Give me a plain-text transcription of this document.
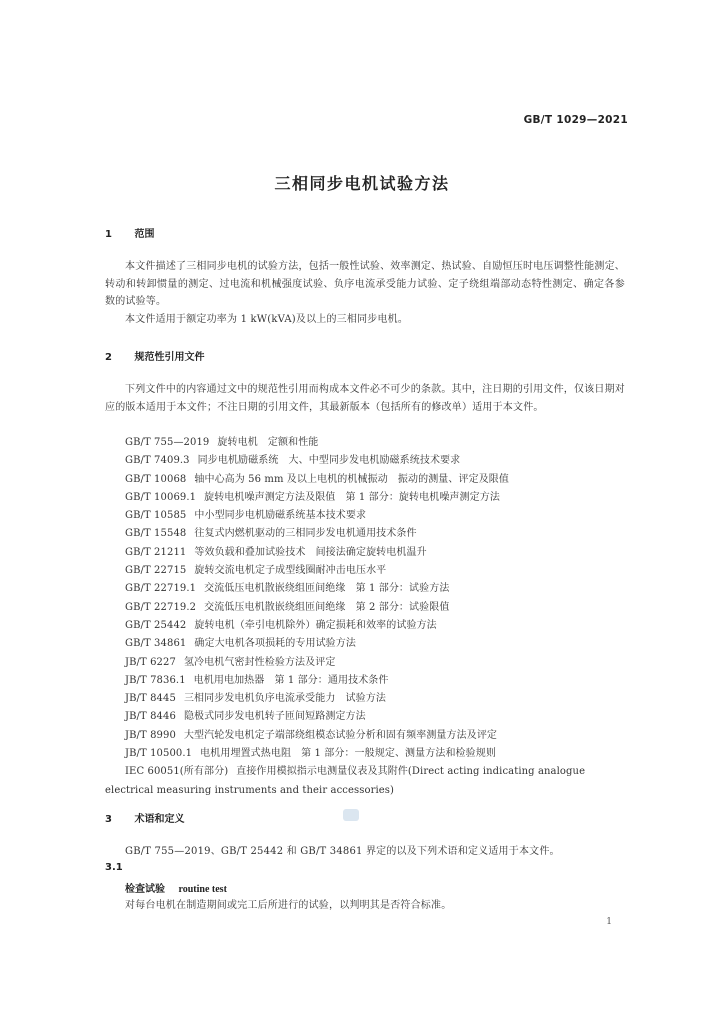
GB/T 1029—2021
三相同步电机试验方法
1 范围
本文件描述了三相同步电机的试验方法，包括一般性试验、效率测定、热试验、自励恒压时电压调整性能测定、转动和转卸惯量的测定、过电流和机械强度试验、负序电流承受能力试验、定子绕组端部动态特性测定、确定各参数的试验等。
本文件适用于额定功率为 1 kW(kVA)及以上的三相同步电机。
2 规范性引用文件
下列文件中的内容通过文中的规范性引用而构成本文件必不可少的条款。其中，注日期的引用文件，仅该日期对应的版本适用于本文件；不注日期的引用文件，其最新版本（包括所有的修改单）适用于本文件。
GB/T 755—2019 旋转电机　定额和性能
GB/T 7409.3 同步电机励磁系统　大、中型同步发电机励磁系统技术要求
GB/T 10068 轴中心高为 56 mm 及以上电机的机械振动　振动的测量、评定及限值
GB/T 10069.1 旋转电机噪声测定方法及限值　第 1 部分：旋转电机噪声测定方法
GB/T 10585 中小型同步电机励磁系统基本技术要求
GB/T 15548 往复式内燃机驱动的三相同步发电机通用技术条件
GB/T 21211 等效负载和叠加试验技术　间接法确定旋转电机温升
GB/T 22715 旋转交流电机定子成型线圈耐冲击电压水平
GB/T 22719.1 交流低压电机散嵌绕组匝间绝缘　第 1 部分：试验方法
GB/T 22719.2 交流低压电机散嵌绕组匝间绝缘　第 2 部分：试验限值
GB/T 25442 旋转电机（牵引电机除外）确定损耗和效率的试验方法
GB/T 34861 确定大电机各项损耗的专用试验方法
JB/T 6227 氢冷电机气密封性检验方法及评定
JB/T 7836.1 电机用电加热器　第 1 部分：通用技术条件
JB/T 8445 三相同步发电机负序电流承受能力　试验方法
JB/T 8446 隐极式同步发电机转子匝间短路测定方法
JB/T 8990 大型汽轮发电机定子端部绕组模态试验分析和固有频率测量方法及评定
JB/T 10500.1 电机用埋置式热电阻　第 1 部分：一般规定、测量方法和检验规则
IEC 60051(所有部分) 直接作用模拟指示电测量仪表及其附件(Direct acting indicating analogue
electrical measuring instruments and their accessories)
3 术语和定义
GB/T 755—2019、GB/T 25442 和 GB/T 34861 界定的以及下列术语和定义适用于本文件。
3.1
检查试验 routine test
对每台电机在制造期间或完工后所进行的试验，以判明其是否符合标准。
1
